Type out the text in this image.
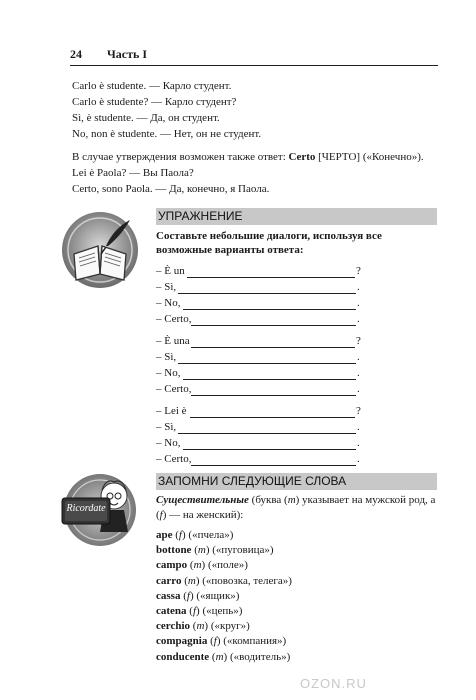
24 Часть I
Carlo è studente. — Карло студент.
Carlo è studente? — Карло студент?
Sì, è studente. — Да, он студент.
No, non è studente. — Нет, он не студент.
В случае утверждения возможен также ответ: Certo [ЧЕРТО] («Конечно»).
Lei è Paola? — Вы Паола?
Certo, sono Paola. — Да, конечно, я Паола.
УПРАЖНЕНИЕ
Составьте небольшие диалоги, используя все возможные варианты ответа:
– È un	?
– Sì,	.
– No,	.
– Certo,	.
– È una	?
– Sì,	.
– No,	.
– Certo,	.
– Lei è	?
– Sì,	.
– No,	.
– Certo,	.
Ricordate
ЗАПОМНИ СЛЕДУЮЩИЕ СЛОВА
Существительные (буква (m) указывает на мужской род, а (f) — на женский):
ape (f) («пчела»)
bottone (m) («пуговица»)
campo (m) («поле»)
carro (m) («повозка, телега»)
cassa (f) («ящик»)
catena (f) («цепь»)
cerchio (m) («круг»)
compagnia (f) («компания»)
conducente (m) («водитель»)
OZON.RU
